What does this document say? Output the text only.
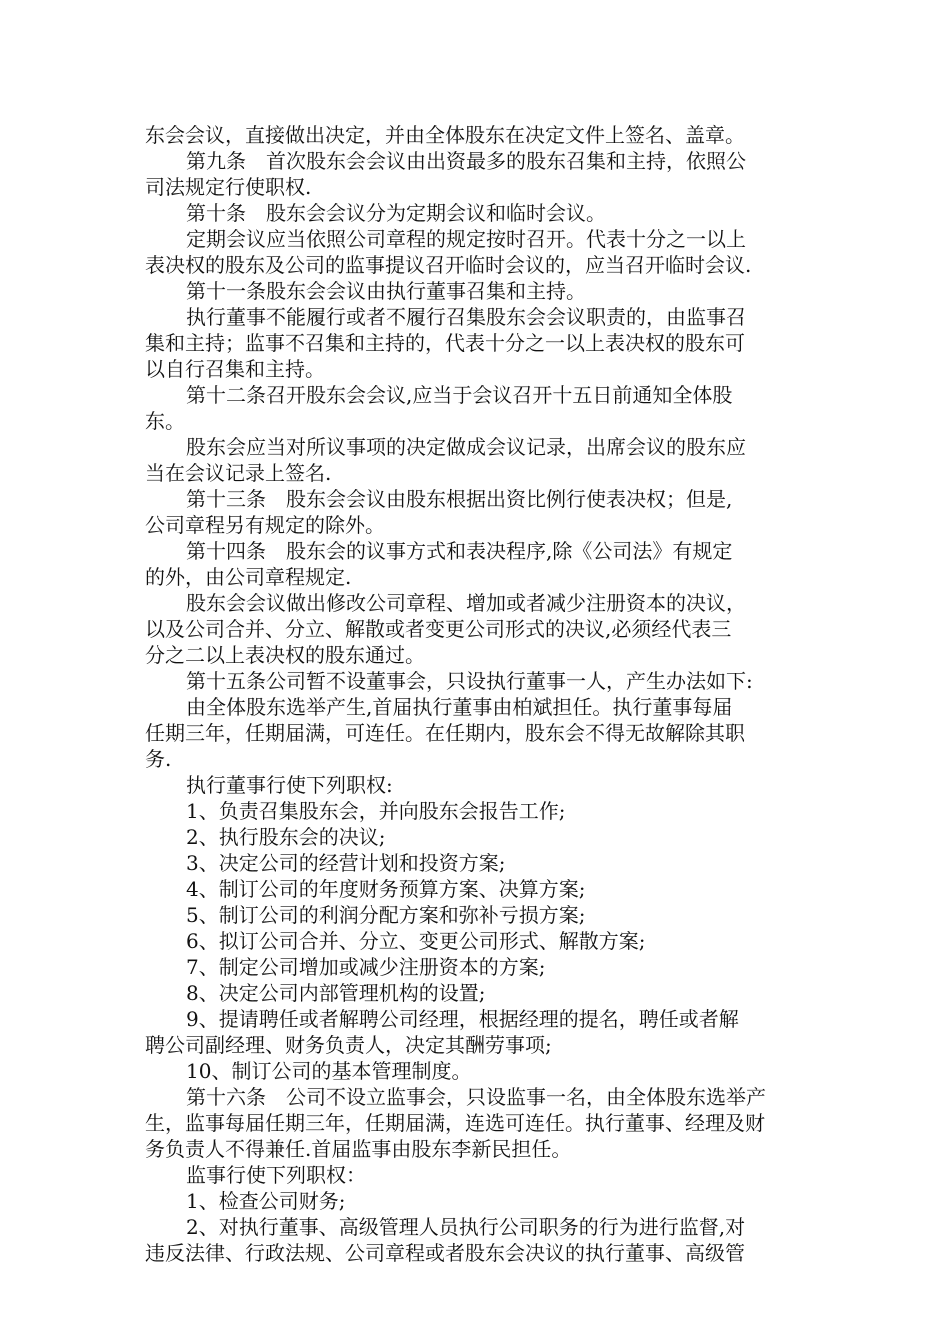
东会会议，直接做出决定，并由全体股东在决定文件上签名、盖章。
第九条　首次股东会会议由出资最多的股东召集和主持，依照公
司法规定行使职权.
第十条　股东会会议分为定期会议和临时会议。
定期会议应当依照公司章程的规定按时召开。代表十分之一以上
表决权的股东及公司的监事提议召开临时会议的，应当召开临时会议.
第十一条股东会会议由执行董事召集和主持。
执行董事不能履行或者不履行召集股东会会议职责的，由监事召
集和主持；监事不召集和主持的，代表十分之一以上表决权的股东可
以自行召集和主持。
第十二条召开股东会会议,应当于会议召开十五日前通知全体股
东。
股东会应当对所议事项的决定做成会议记录，出席会议的股东应
当在会议记录上签名.
第十三条　股东会会议由股东根据出资比例行使表决权；但是,
公司章程另有规定的除外。
第十四条　股东会的议事方式和表决程序,除《公司法》有规定
的外，由公司章程规定.
股东会会议做出修改公司章程、增加或者减少注册资本的决议，
以及公司合并、分立、解散或者变更公司形式的决议,必须经代表三
分之二以上表决权的股东通过。
第十五条公司暂不设董事会，只设执行董事一人，产生办法如下:
由全体股东选举产生,首届执行董事由柏斌担任。执行董事每届
任期三年，任期届满，可连任。在任期内，股东会不得无故解除其职
务.
执行董事行使下列职权:
1、负责召集股东会，并向股东会报告工作;
2、执行股东会的决议;
3、决定公司的经营计划和投资方案;
4、制订公司的年度财务预算方案、决算方案;
5、制订公司的利润分配方案和弥补亏损方案;
6、拟订公司合并、分立、变更公司形式、解散方案;
7、制定公司增加或减少注册资本的方案;
8、决定公司内部管理机构的设置;
9、提请聘任或者解聘公司经理，根据经理的提名，聘任或者解
聘公司副经理、财务负责人，决定其酬劳事项;
10、制订公司的基本管理制度。
第十六条　公司不设立监事会，只设监事一名，由全体股东选举产
生，监事每届任期三年，任期届满，连选可连任。执行董事、经理及财
务负责人不得兼任.首届监事由股东李新民担任。
监事行使下列职权：
1、检查公司财务;
2、对执行董事、高级管理人员执行公司职务的行为进行监督,对
违反法律、行政法规、公司章程或者股东会决议的执行董事、高级管
